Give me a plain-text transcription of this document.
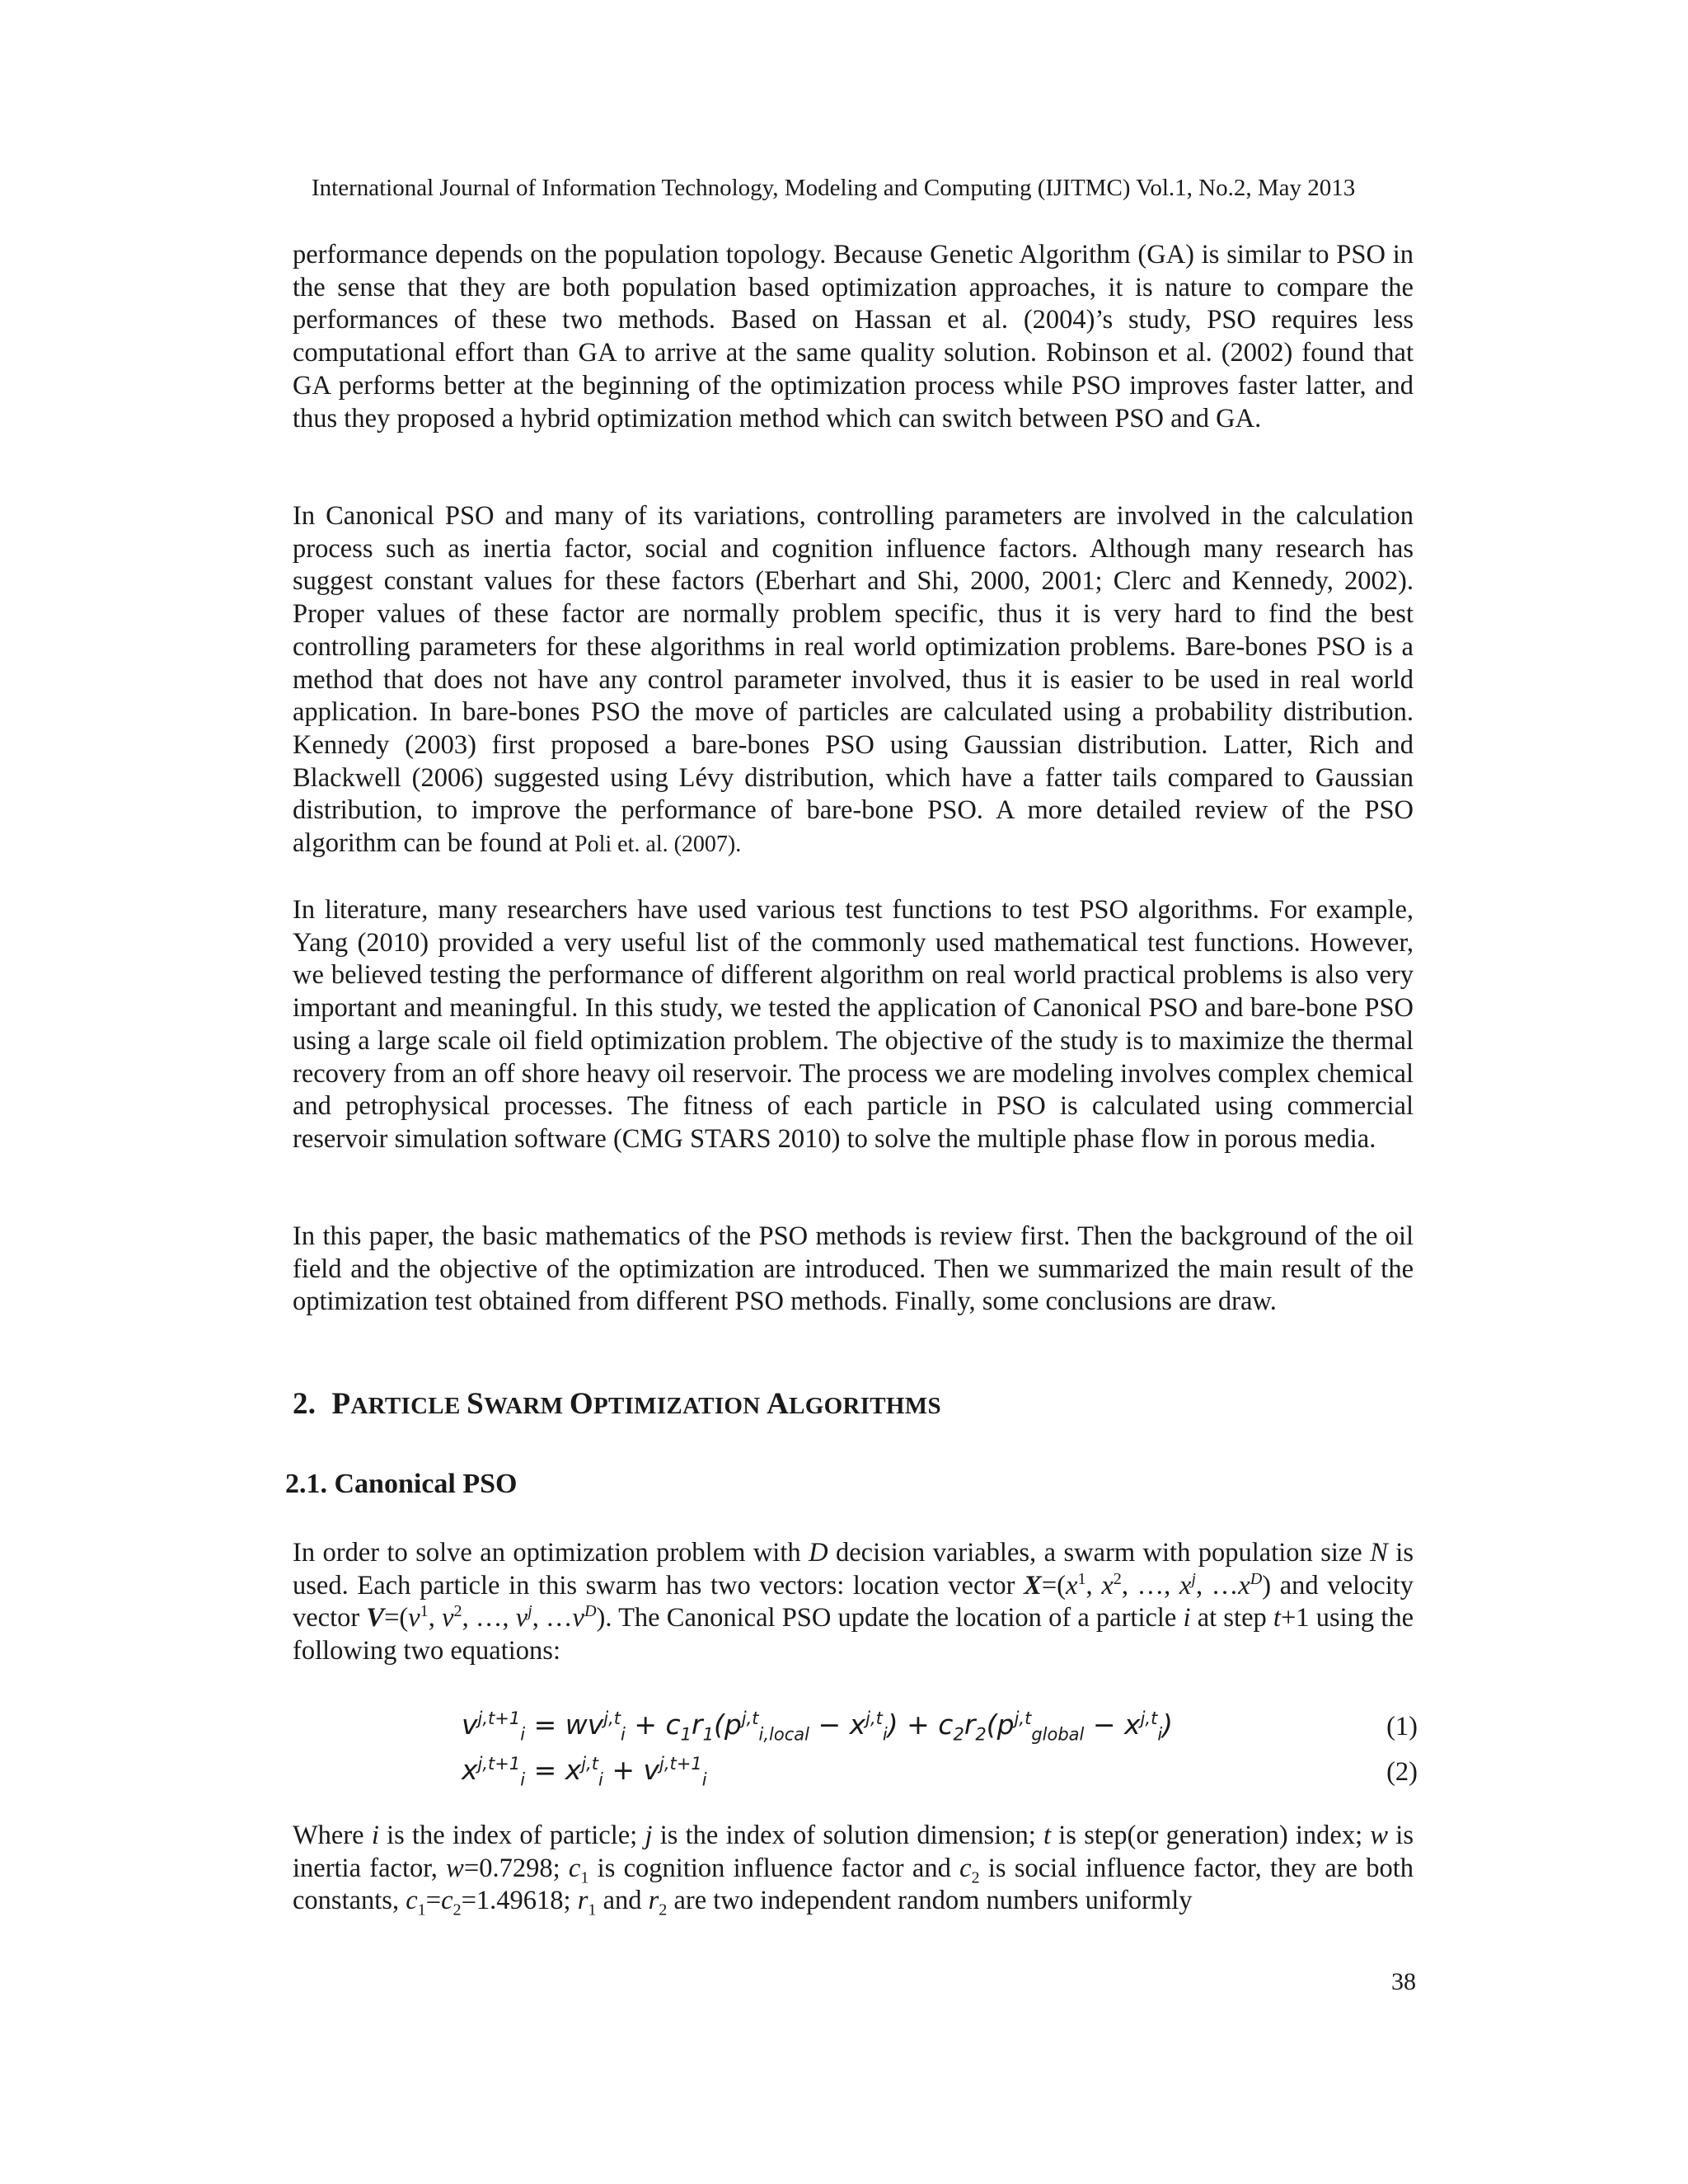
International Journal of Information Technology, Modeling and Computing (IJITMC) Vol.1, No.2, May 2013

performance depends on the population topology. Because Genetic Algorithm (GA) is similar to PSO in the sense that they are both population based optimization approaches, it is nature to compare the performances of these two methods. Based on Hassan et al. (2004)’s study, PSO requires less computational effort than GA to arrive at the same quality solution. Robinson et al. (2002) found that GA performs better at the beginning of the optimization process while PSO improves faster latter, and thus they proposed a hybrid optimization method which can switch between PSO and GA.

In Canonical PSO and many of its variations, controlling parameters are involved in the calculation process such as inertia factor, social and cognition influence factors. Although many research has suggest constant values for these factors (Eberhart and Shi, 2000, 2001; Clerc and Kennedy, 2002). Proper values of these factor are normally problem specific, thus it is very hard to find the best controlling parameters for these algorithms in real world optimization problems. Bare-bones PSO is a method that does not have any control parameter involved, thus it is easier to be used in real world application. In bare-bones PSO the move of particles are calculated using a probability distribution. Kennedy (2003) first proposed a bare-bones PSO using Gaussian distribution. Latter, Rich and Blackwell (2006) suggested using Lévy distribution, which have a fatter tails compared to Gaussian distribution, to improve the performance of bare-bone PSO. A more detailed review of the PSO algorithm can be found at Poli et. al. (2007).

In literature, many researchers have used various test functions to test PSO algorithms. For example, Yang (2010) provided a very useful list of the commonly used mathematical test functions. However, we believed testing the performance of different algorithm on real world practical problems is also very important and meaningful. In this study, we tested the application of Canonical PSO and bare-bone PSO using a large scale oil field optimization problem. The objective of the study is to maximize the thermal recovery from an off shore heavy oil reservoir. The process we are modeling involves complex chemical and petrophysical processes. The fitness of each particle in PSO is calculated using commercial reservoir simulation software (CMG STARS 2010) to solve the multiple phase flow in porous media.

In this paper, the basic mathematics of the PSO methods is review first. Then the background of the oil field and the objective of the optimization are introduced. Then we summarized the main result of the optimization test obtained from different PSO methods. Finally, some conclusions are draw.

2. PARTICLE SWARM OPTIMIZATION ALGORITHMS
2.1. Canonical PSO

In order to solve an optimization problem with D decision variables, a swarm with population size N is used. Each particle in this swarm has two vectors: location vector $X=(x^1$, $x^2$, …, $x^j$, $\dots x^D$) and velocity vector $V=(v^1$, $v^2$, …, $v^j$, $\dots v^D$). The Canonical PSO update the location of a particle i at step t+1 using the following two equations:

$v^{j,t+1}_i = wv^{j,t}_i + c_1r_1(p^{j,t}_{i,local} - x^{j,t}_i) + c_2r_2(p^{j,t}_{global} - x^{j,t}_i)$	(1)
$x^{j,t+1}_i = x^{j,t}_i + v^{j,t+1}_i$	(2)

Where i is the index of particle; j is the index of solution dimension; t is step(or generation) index; w is inertia factor, w=0.7298; $c_1$ is cognition influence factor and $c_2$ is social influence factor, they are both constants, $c_1=c_2=1.49618$; $r_1$ and $r_2$ are two independent random numbers uniformly

38
